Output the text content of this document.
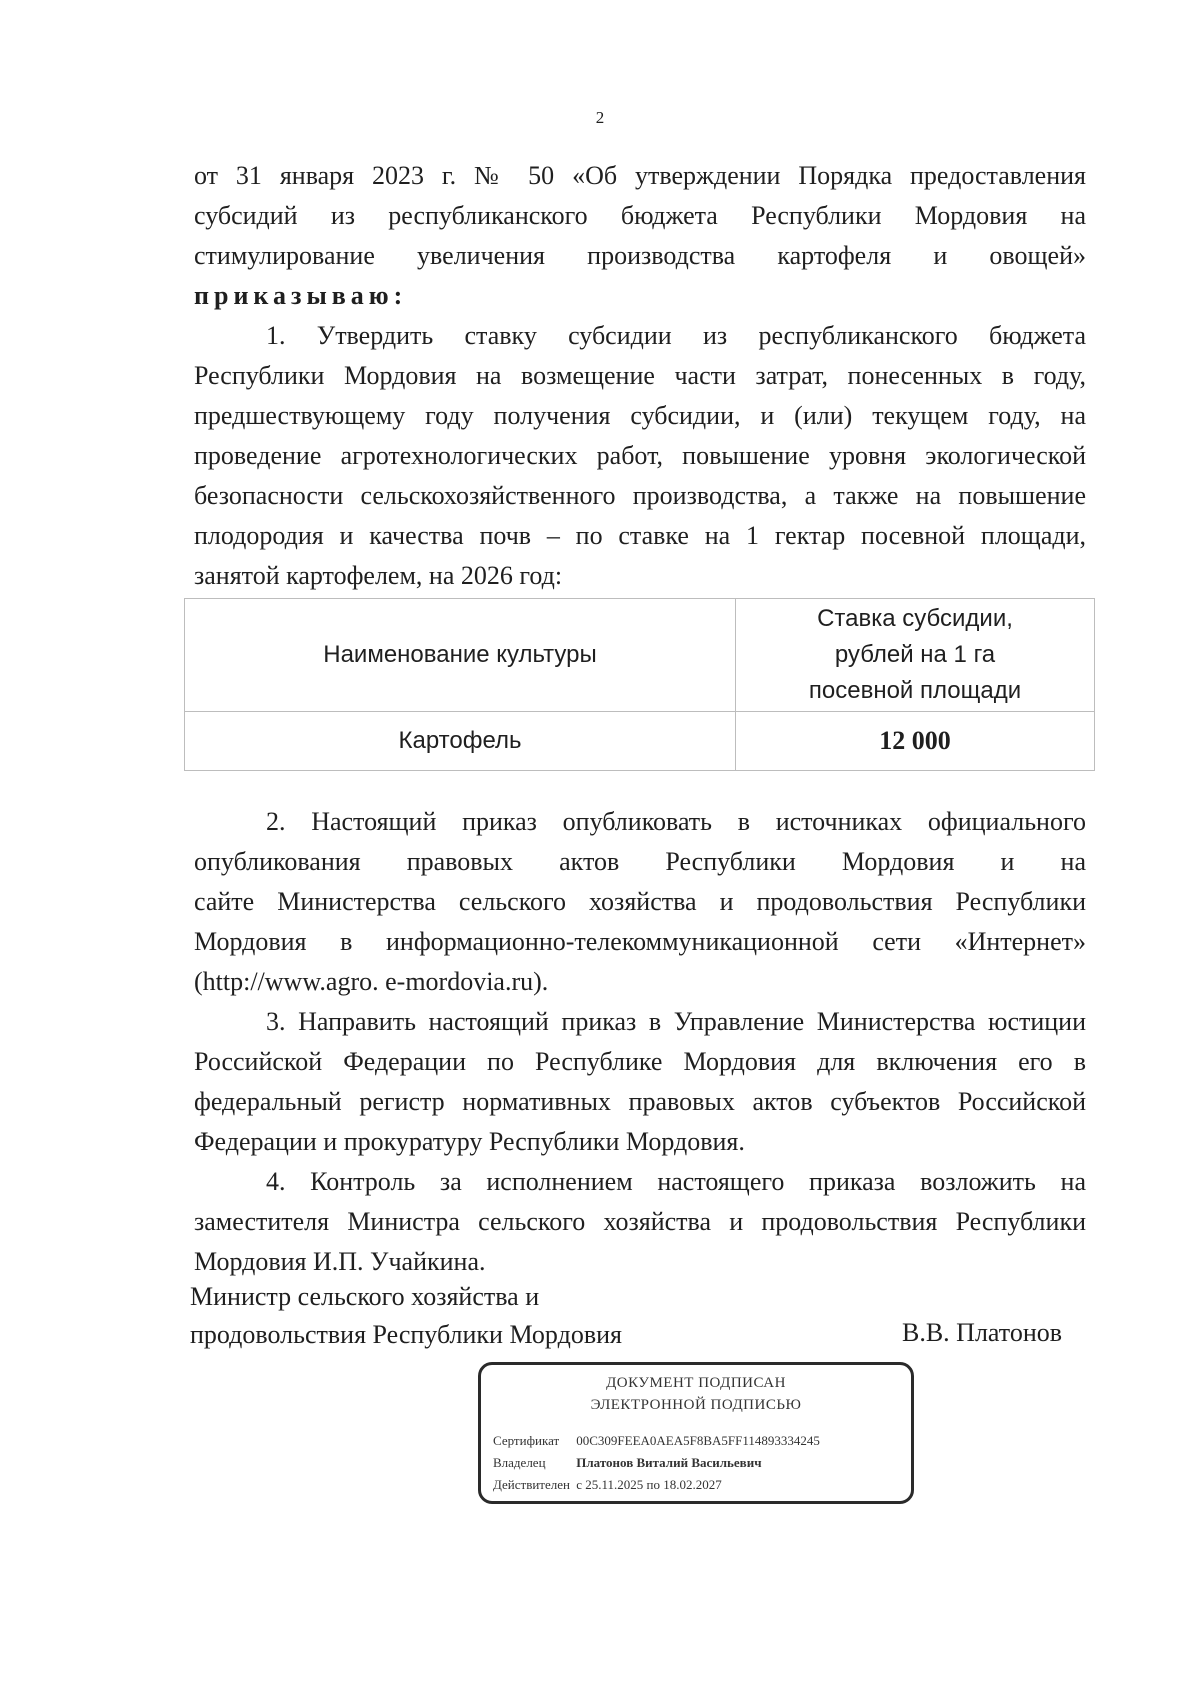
2
от 31 января 2023 г. № 50 «Об утверждении Порядка предоставления
субсидий из республиканского бюджета Республики Мордовия на
стимулирование увеличения производства картофеля и овощей»
приказываю:
1. Утвердить ставку субсидии из республиканского бюджета
Республики Мордовия на возмещение части затрат, понесенных в году,
предшествующему году получения субсидии, и (или) текущем году, на
проведение агротехнологических работ, повышение уровня экологической
безопасности сельскохозяйственного производства, а также на повышение
плодородия и качества почв – по ставке на 1 гектар посевной площади,
занятой картофелем, на 2026 год:
Наименование культуры	Ставка субсидии,
рублей на 1 га
посевной площади

Картофель	12 000
2. Настоящий приказ опубликовать в источниках официального
опубликования правовых актов Республики Мордовия и на
сайте Министерства сельского хозяйства и продовольствия Республики
Мордовия в информационно-телекоммуникационной сети «Интернет»
(http://www.agro. e-mordovia.ru).
3. Направить настоящий приказ в Управление Министерства юстиции
Российской Федерации по Республике Мордовия для включения его в
федеральный регистр нормативных правовых актов субъектов Российской
Федерации и прокуратуру Республики Мордовия.
4. Контроль за исполнением настоящего приказа возложить на
заместителя Министра сельского хозяйства и продовольствия Республики
Мордовия И.П. Учайкина.
Министр сельского хозяйства и
продовольствия Республики Мордовия	В.В. Платонов
ДОКУМЕНТ ПОДПИСАН
ЭЛЕКТРОННОЙ ПОДПИСЬЮ
Сертификат 00C309FEEA0AEA5F8BA5FF114893334245
Владелец Платонов Виталий Васильевич
Действителен с 25.11.2025 по 18.02.2027
